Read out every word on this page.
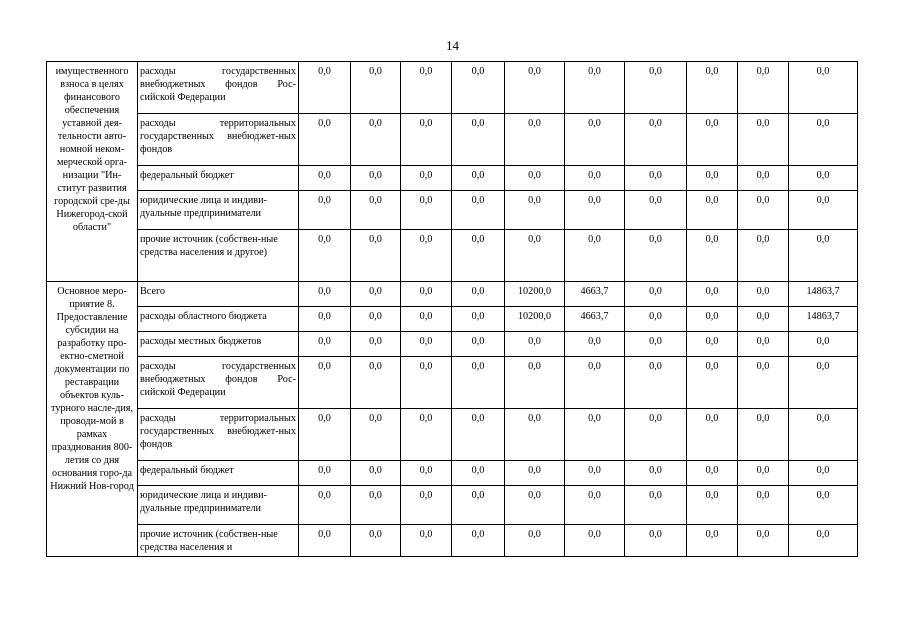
14
имущественного взноса в целях финансового обеспечения уставной дея-тельности авто-номной неком-мерческой орга-низации "Ин-ститут развития городской сре-ды Нижегород-ской области"	расходы государственных внебюджетных фондов Рос-сийской Федерации	0,0	0,0	0,0	0,0	0,0	0,0	0,0	0,0	0,0	0,0
	расходы территориальных государственных внебюджет-ных фондов	0,0	0,0	0,0	0,0	0,0	0,0	0,0	0,0	0,0	0,0
	федеральный бюджет	0,0	0,0	0,0	0,0	0,0	0,0	0,0	0,0	0,0	0,0
	юридические лица и индиви-дуальные предприниматели	0,0	0,0	0,0	0,0	0,0	0,0	0,0	0,0	0,0	0,0
	прочие источник (собствен-ные средства населения и другое)	0,0	0,0	0,0	0,0	0,0	0,0	0,0	0,0	0,0	0,0
Основное меро-приятие 8. Предоставление субсидии на разработку про-ектно-сметной документации по реставрации объектов куль-турного насле-дия, проводи-мой в рамках празднования 800-летия со дня основания горо-да Нижний Нов-город	Всего	0,0	0,0	0,0	0,0	10200,0	4663,7	0,0	0,0	0,0	14863,7
	расходы областного бюджета	0,0	0,0	0,0	0,0	10200,0	4663,7	0,0	0,0	0,0	14863,7
	расходы местных бюджетов	0,0	0,0	0,0	0,0	0,0	0,0	0,0	0,0	0,0	0,0
	расходы государственных внебюджетных фондов Рос-сийской Федерации	0,0	0,0	0,0	0,0	0,0	0,0	0,0	0,0	0,0	0,0
	расходы территориальных государственных внебюджет-ных фондов	0,0	0,0	0,0	0,0	0,0	0,0	0,0	0,0	0,0	0,0
	федеральный бюджет	0,0	0,0	0,0	0,0	0,0	0,0	0,0	0,0	0,0	0,0
	юридические лица и индиви-дуальные предприниматели	0,0	0,0	0,0	0,0	0,0	0,0	0,0	0,0	0,0	0,0
	прочие источник (собствен-ные средства населения и	0,0	0,0	0,0	0,0	0,0	0,0	0,0	0,0	0,0	0,0
